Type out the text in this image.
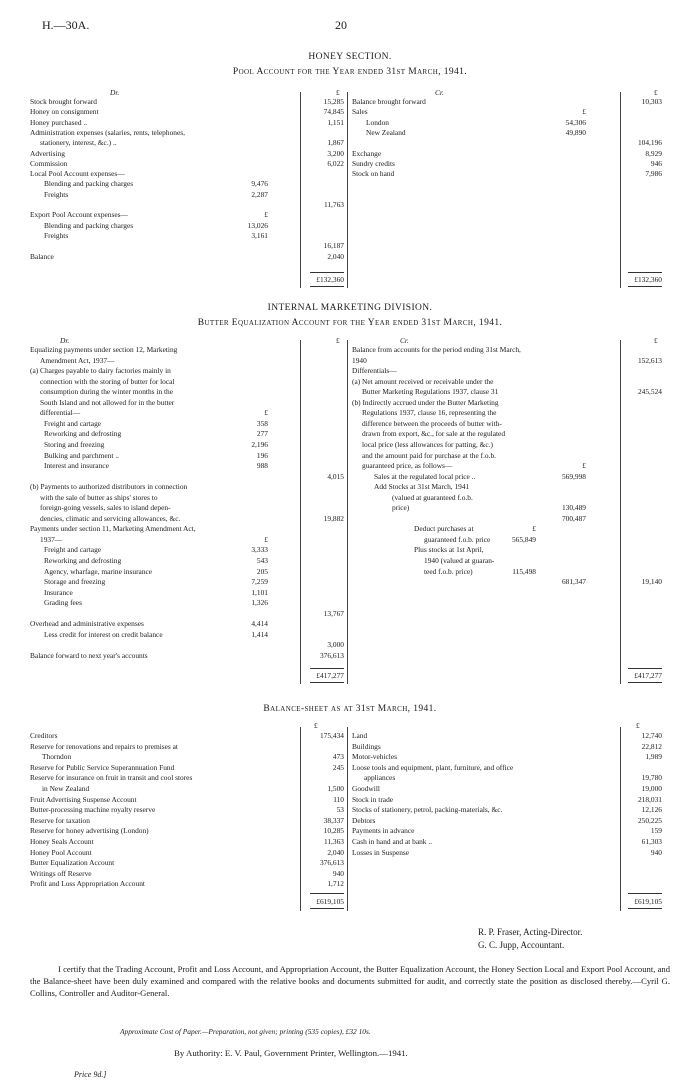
H.—30A.	20
HONEY SECTION.
Pool Account for the Year ended 31st March, 1941.
Dr.	£	Cr.	£
Stock brought forward	15,285
Honey on consignment	74,845
Honey purchased ..	1,151
Administration expenses (salaries, rents, telephones,
stationery, interest, &c.) ..	1,867
Advertising	3,200
Commission	6,022
Local Pool Account expenses—
Blending and packing charges	9,476
Freights	2,287
11,763
Export Pool Account expenses—	£
Blending and packing charges	13,026
Freights	3,161
16,187
Balance	2,040
Balance brought forward	10,303
Sales	£
London	54,306
New Zealand	49,890
104,196
Exchange	8,929
Sundry credits	946
Stock on hand	7,986
£132,360	£132,360
INTERNAL MARKETING DIVISION.
Butter Equalization Account for the Year ended 31st March, 1941.
Dr.	£	Cr.	£
Equalizing payments under section 12, Marketing
Amendment Act, 1937—
(a) Charges payable to dairy factories mainly in
connection with the storing of butter for local
consumption during the winter months in the
South Island and not allowed for in the butter
differential—	£
Freight and cartage	358
Reworking and defrosting	277
Storing and freezing	2,196
Bulking and parchment ..	196
Interest and insurance	988
4,015
(b) Payments to authorized distributors in connection
with the sale of butter as ships' stores to
foreign-going vessels, sales to island depen-
dencies, climatic and servicing allowances, &c.	19,882
Payments under section 11, Marketing Amendment Act,
1937—	£
Freight and cartage	3,333
Reworking and defrosting	543
Agency, wharfage, marine insurance	205
Storage and freezing	7,259
Insurance	1,101
Grading fees	1,326
13,767
Overhead and administrative expenses	4,414
Less credit for interest on credit balance	1,414
3,000
Balance forward to next year's accounts	376,613
Balance from accounts for the period ending 31st March,
1940	152,613
Differentials—
(a) Net amount received or receivable under the
Butter Marketing Regulations 1937, clause 31	245,524
(b) Indirectly accrued under the Butter Marketing
Regulations 1937, clause 16, representing the
difference between the proceeds of butter with-
drawn from export, &c., for sale at the regulated
local price (less allowances for patting, &c.)
and the amount paid for purchase at the f.o.b.
guaranteed price, as follows—	£
Sales at the regulated local price ..	569,998
Add Stocks at 31st March, 1941
(valued at guaranteed f.o.b.
price)	130,489
700,487
Deduct purchases at	£
guaranteed f.o.b. price	565,849
Plus stocks at 1st April,
1940 (valued at guaran-
teed f.o.b. price)	115,498
681,347	19,140
£417,277	£417,277
Balance-sheet as at 31st March, 1941.
£	£
Creditors	175,434
Reserve for renovations and repairs to premises at
Thorndon	473
Reserve for Public Service Superannuation Fund	245
Reserve for insurance on fruit in transit and cool stores
in New Zealand	1,500
Fruit Advertising Suspense Account	110
Butter-processing machine royalty reserve	53
Reserve for taxation	38,337
Reserve for honey advertising (London)	10,285
Honey Seals Account	11,363
Honey Pool Account	2,040
Butter Equalization Account	376,613
Writings off Reserve	940
Profit and Loss Appropriation Account	1,712
Land	12,740
Buildings	22,812
Motor-vehicles	1,989
Loose tools and equipment, plant, furniture, and office
appliances	19,780
Goodwill	19,000
Stock in trade	218,031
Stocks of stationery, petrol, packing-materials, &c.	12,126
Debtors	250,225
Payments in advance	159
Cash in hand and at bank ..	61,303
Losses in Suspense	940
£619,105	£619,105
R. P. Fraser, Acting-Director.
G. C. Jupp, Accountant.
I certify that the Trading Account, Profit and Loss Account, and Appropriation Account, the Butter Equalization Account, the Honey Section Local and Export Pool Account, and the Balance-sheet have been duly examined and compared with the relative books and documents submitted for audit, and correctly state the position as disclosed thereby.—Cyril G. Collins, Controller and Auditor-General.
Approximate Cost of Paper.—Preparation, not given; printing (535 copies), £32 10s.
By Authority: E. V. Paul, Government Printer, Wellington.—1941.
Price 9d.]
